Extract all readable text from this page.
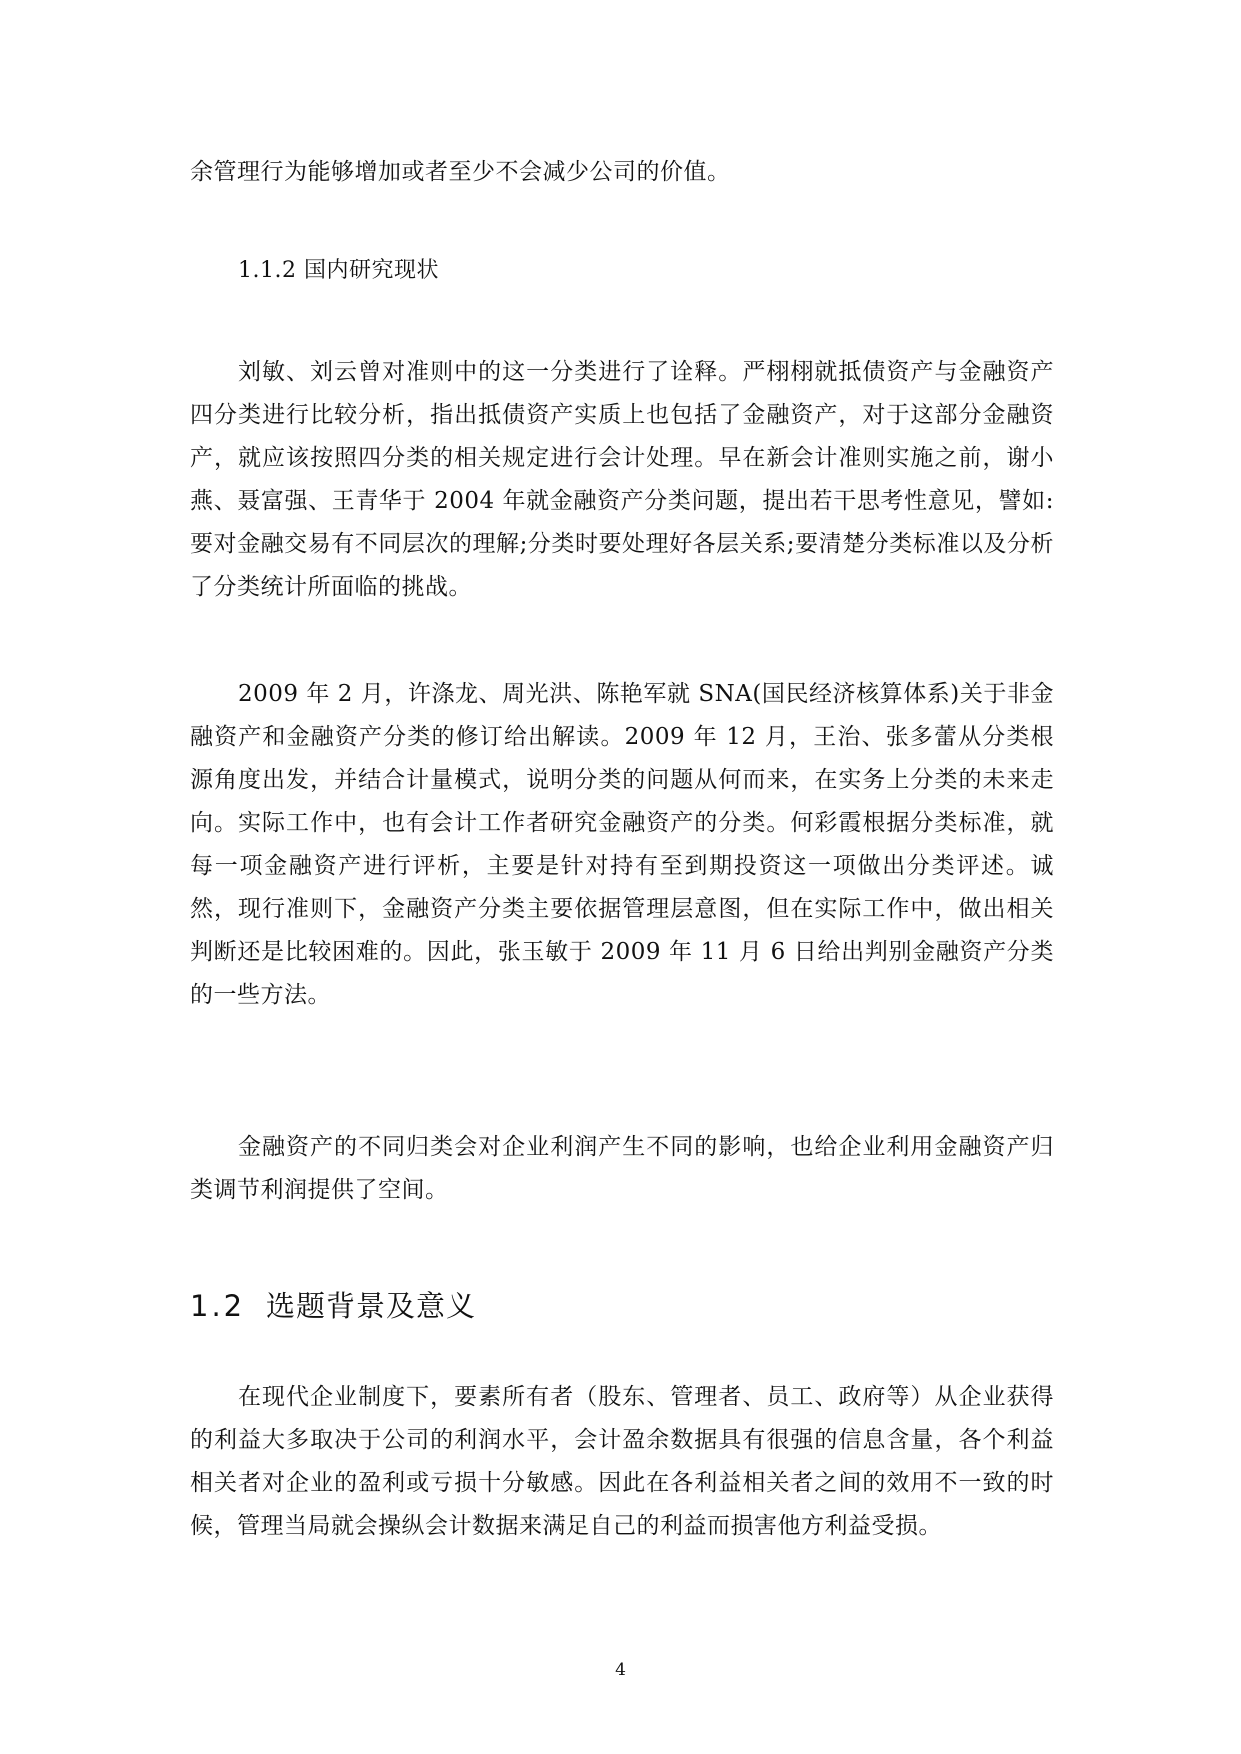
余管理行为能够增加或者至少不会减少公司的价值。
1.1.2 国内研究现状
刘敏、刘云曾对准则中的这一分类进行了诠释。严栩栩就抵债资产与金融资产四分类进行比较分析，指出抵债资产实质上也包括了金融资产，对于这部分金融资产，就应该按照四分类的相关规定进行会计处理。早在新会计准则实施之前，谢小燕、聂富强、王青华于 2004 年就金融资产分类问题，提出若干思考性意见，譬如:要对金融交易有不同层次的理解;分类时要处理好各层关系;要清楚分类标准以及分析了分类统计所面临的挑战。
2009 年 2 月，许涤龙、周光洪、陈艳军就 SNA(国民经济核算体系)关于非金融资产和金融资产分类的修订给出解读。2009 年 12 月，王治、张多蕾从分类根源角度出发，并结合计量模式，说明分类的问题从何而来，在实务上分类的未来走向。实际工作中，也有会计工作者研究金融资产的分类。何彩霞根据分类标准，就每一项金融资产进行评析，主要是针对持有至到期投资这一项做出分类评述。诚然，现行准则下，金融资产分类主要依据管理层意图，但在实际工作中，做出相关判断还是比较困难的。因此，张玉敏于 2009 年 11 月 6 日给出判别金融资产分类的一些方法。
金融资产的不同归类会对企业利润产生不同的影响，也给企业利用金融资产归类调节利润提供了空间。
1.2 选题背景及意义
在现代企业制度下，要素所有者（股东、管理者、员工、政府等）从企业获得的利益大多取决于公司的利润水平，会计盈余数据具有很强的信息含量，各个利益相关者对企业的盈利或亏损十分敏感。因此在各利益相关者之间的效用不一致的时候，管理当局就会操纵会计数据来满足自己的利益而损害他方利益受损。
4
